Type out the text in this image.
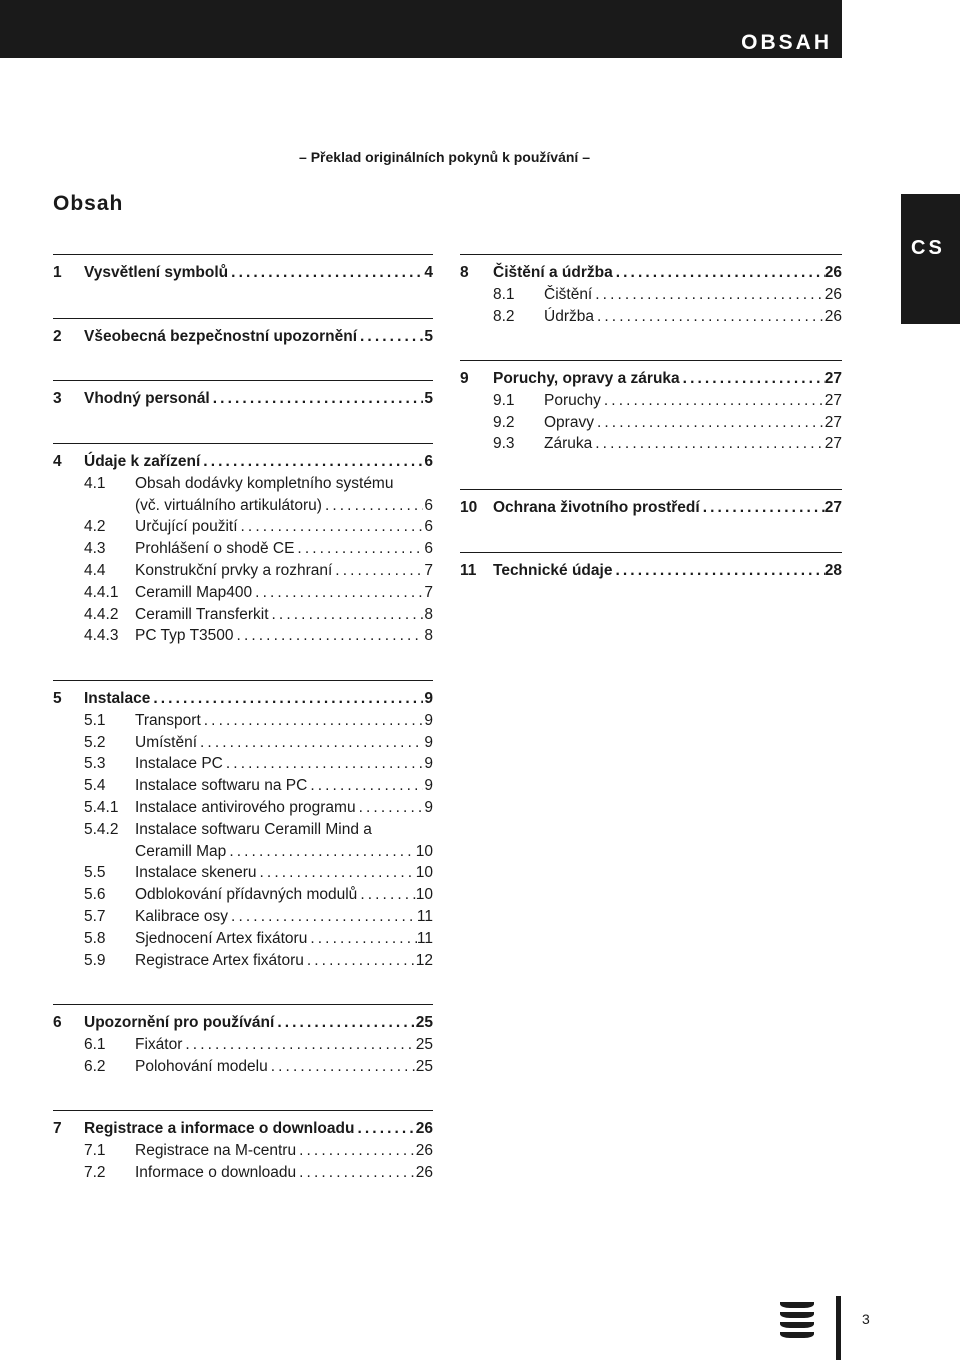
OBSAH
CS
– Překlad originálních pokynů k používání –
Obsah
1	Vysvětlení symbolů . . .	4
2	Všeobecná bezpečnostní upozornění . . .	5
3	Vhodný personál . . .	5
4	Údaje k zařízení . . .	6
4.1	Obsah dodávky kompletního systému
(vč. virtuálního artikulátoru) . . .	6
4.2	Určující použití . . .	6
4.3	Prohlášení o shodě CE . . .	6
4.4	Konstrukční prvky a rozhraní . . .	7
4.4.1	Ceramill Map400 . . .	7
4.4.2	Ceramill Transferkit . . .	8
4.4.3	PC Typ T3500 . . .	8
5	Instalace . . .	9
5.1	Transport . . .	9
5.2	Umístění . . .	9
5.3	Instalace PC . . .	9
5.4	Instalace softwaru na PC . . .	9
5.4.1	Instalace antivirového programu . . .	9
5.4.2	Instalace softwaru Ceramill Mind a
Ceramill Map . . .	10
5.5	Instalace skeneru . . .	10
5.6	Odblokování přídavných modulů . . .	10
5.7	Kalibrace osy . . .	11
5.8	Sjednocení Artex fixátoru . . .	11
5.9	Registrace Artex fixátoru . . .	12
6	Upozornění pro používání . . .	25
6.1	Fixátor . . .	25
6.2	Polohování modelu . . .	25
7	Registrace a informace o downloadu . . .	26
7.1	Registrace na M-centru . . .	26
7.2	Informace o downloadu . . .	26
8	Čištění a údržba . . .	26
8.1	Čištění . . .	26
8.2	Údržba . . .	26
9	Poruchy, opravy a záruka . . .	27
9.1	Poruchy . . .	27
9.2	Opravy . . .	27
9.3	Záruka . . .	27
10	Ochrana životního prostředí . . .	27
11	Technické údaje . . .	28
3
